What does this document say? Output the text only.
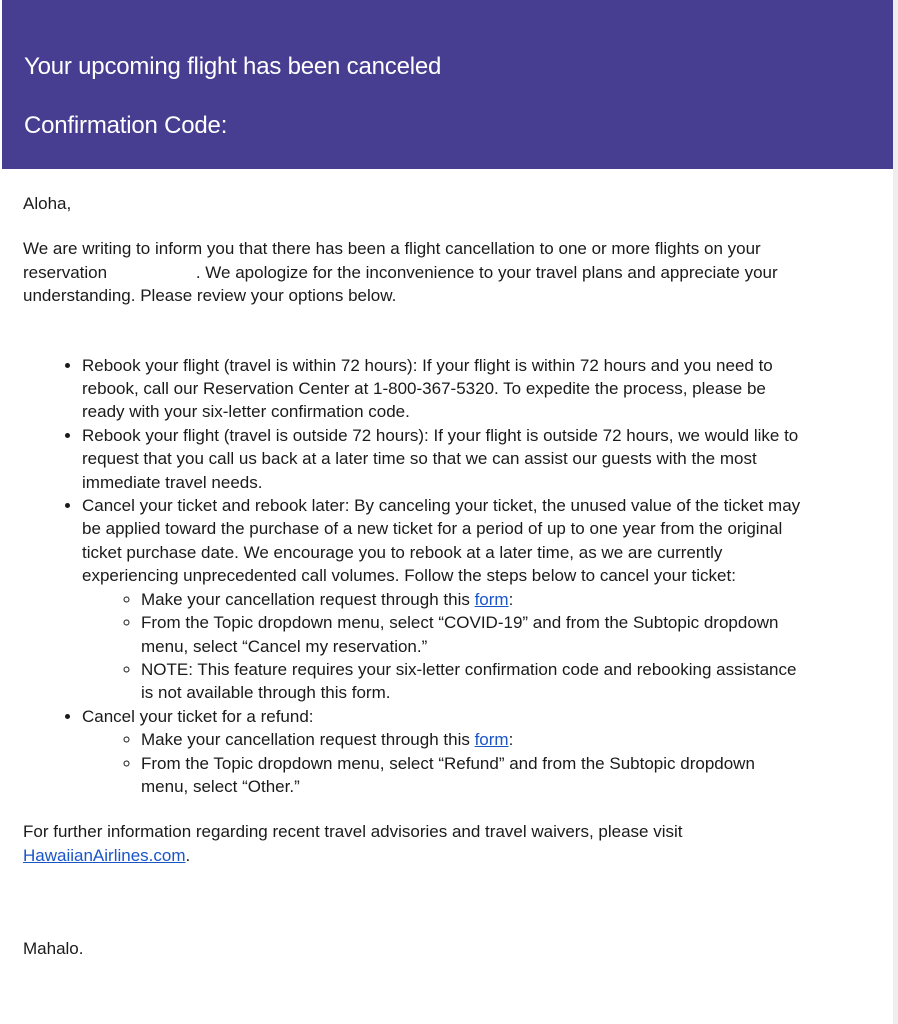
Your upcoming flight has been canceled
Confirmation Code:

Aloha,

We are writing to inform you that there has been a flight cancellation to one or more flights on your reservation	. We apologize for the inconvenience to your travel plans and appreciate your understanding. Please review your options below.

• Rebook your flight (travel is within 72 hours): If your flight is within 72 hours and you need to rebook, call our Reservation Center at 1-800-367-5320. To expedite the process, please be ready with your six-letter confirmation code.
• Rebook your flight (travel is outside 72 hours): If your flight is outside 72 hours, we would like to request that you call us back at a later time so that we can assist our guests with the most immediate travel needs.
• Cancel your ticket and rebook later: By canceling your ticket, the unused value of the ticket may be applied toward the purchase of a new ticket for a period of up to one year from the original ticket purchase date. We encourage you to rebook at a later time, as we are currently experiencing unprecedented call volumes. Follow the steps below to cancel your ticket:
◦ Make your cancellation request through this form:
◦ From the Topic dropdown menu, select “COVID-19” and from the Subtopic dropdown menu, select “Cancel my reservation.”
◦ NOTE: This feature requires your six-letter confirmation code and rebooking assistance is not available through this form.
• Cancel your ticket for a refund:
◦ Make your cancellation request through this form:
◦ From the Topic dropdown menu, select “Refund” and from the Subtopic dropdown menu, select “Other.”

For further information regarding recent travel advisories and travel waivers, please visit HawaiianAirlines.com.

Mahalo.
